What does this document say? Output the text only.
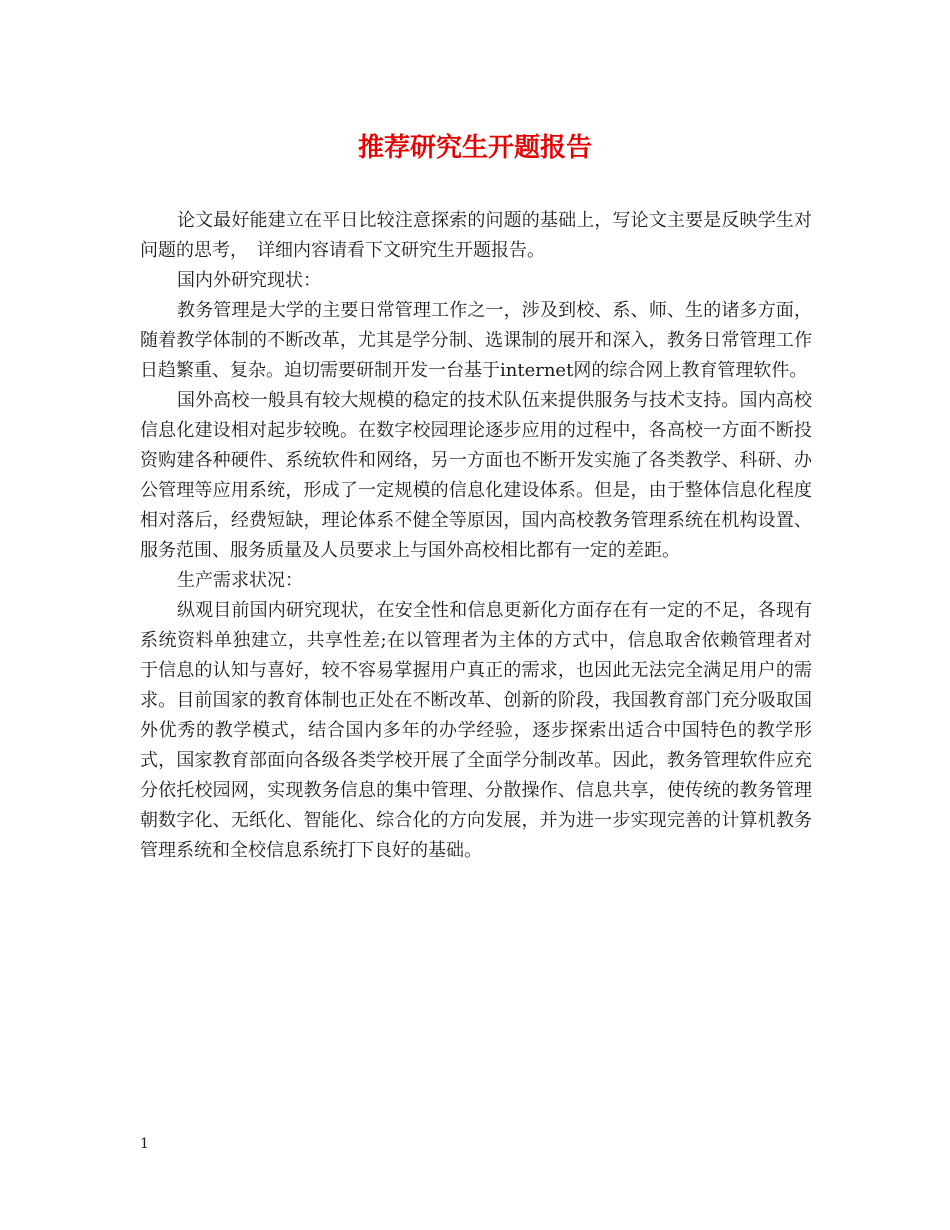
推荐研究生开题报告

论文最好能建立在平日比较注意探索的问题的基础上，写论文主要是反映学生对问题的思考，　详细内容请看下文研究生开题报告。

国内外研究现状：

教务管理是大学的主要日常管理工作之一，涉及到校、系、师、生的诸多方面，随着教学体制的不断改革，尤其是学分制、选课制的展开和深入，教务日常管理工作日趋繁重、复杂。迫切需要研制开发一台基于internet网的综合网上教育管理软件。

国外高校一般具有较大规模的稳定的技术队伍来提供服务与技术支持。国内高校信息化建设相对起步较晚。在数字校园理论逐步应用的过程中，各高校一方面不断投资购建各种硬件、系统软件和网络，另一方面也不断开发实施了各类教学、科研、办公管理等应用系统，形成了一定规模的信息化建设体系。但是，由于整体信息化程度相对落后，经费短缺，理论体系不健全等原因，国内高校教务管理系统在机构设置、服务范围、服务质量及人员要求上与国外高校相比都有一定的差距。

生产需求状况：

纵观目前国内研究现状，在安全性和信息更新化方面存在有一定的不足，各现有系统资料单独建立，共享性差;在以管理者为主体的方式中，信息取舍依赖管理者对于信息的认知与喜好，较不容易掌握用户真正的需求，也因此无法完全满足用户的需求。目前国家的教育体制也正处在不断改革、创新的阶段，我国教育部门充分吸取国外优秀的教学模式，结合国内多年的办学经验，逐步探索出适合中国特色的教学形式，国家教育部面向各级各类学校开展了全面学分制改革。因此，教务管理软件应充分依托校园网，实现教务信息的集中管理、分散操作、信息共享，使传统的教务管理朝数字化、无纸化、智能化、综合化的方向发展，并为进一步实现完善的计算机教务管理系统和全校信息系统打下良好的基础。

1
